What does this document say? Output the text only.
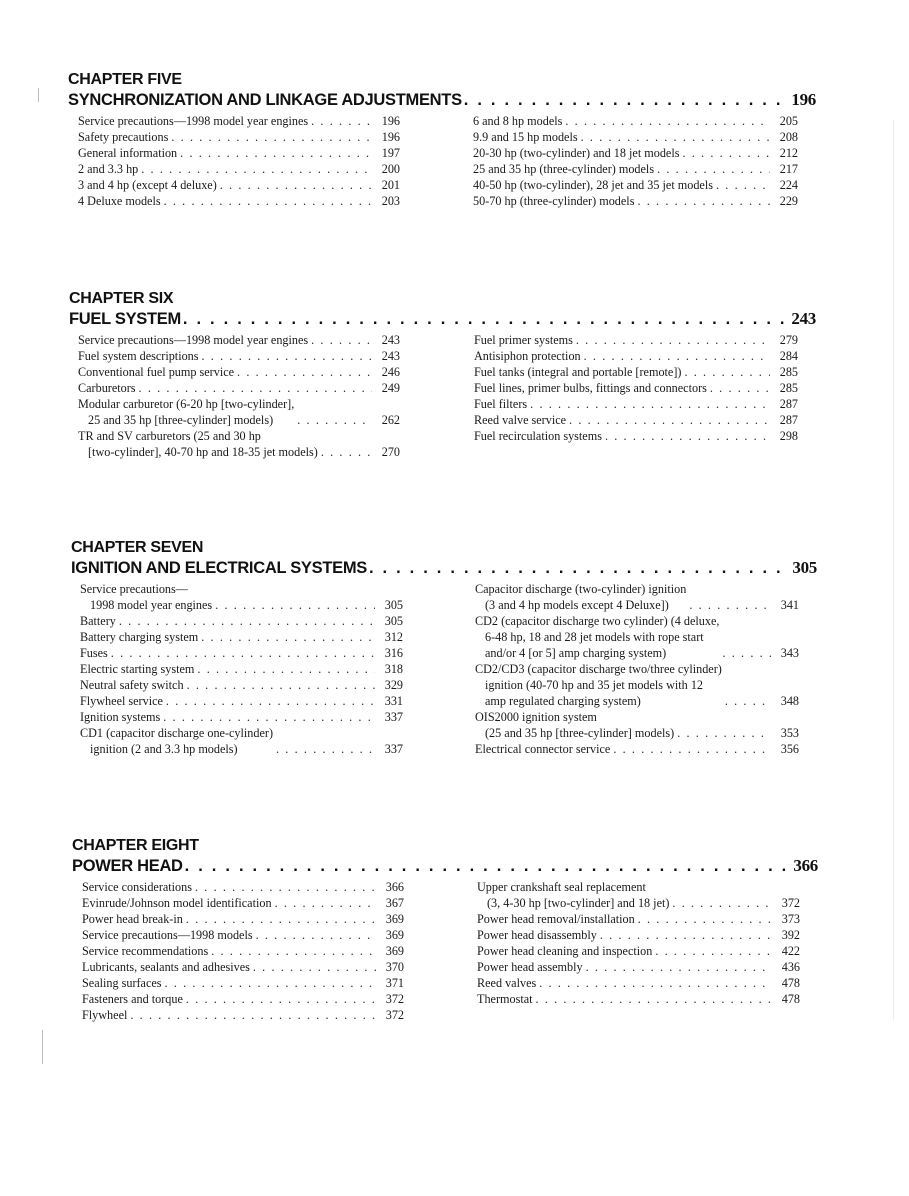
CHAPTER FIVE
SYNCHRONIZATION AND LINKAGE ADJUSTMENTS . . .	196
Service precautions—1998 model year engines . . .	196
Safety precautions . . .	196
General information . . .	197
2 and 3.3 hp . . .	200
3 and 4 hp (except 4 deluxe) . . .	201
4 Deluxe models . . .	203
6 and 8 hp models . . .	205
9.9 and 15 hp models . . .	208
20-30 hp (two-cylinder) and 18 jet models . . .	212
25 and 35 hp (three-cylinder) models . . .	217
40-50 hp (two-cylinder), 28 jet and 35 jet models . . .	224
50-70 hp (three-cylinder) models . . .	229
CHAPTER SIX
FUEL SYSTEM . . .	243
Service precautions—1998 model year engines . . .	243
Fuel system descriptions . . .	243
Conventional fuel pump service . . .	246
Carburetors . . .	249
Modular carburetor (6-20 hp [two-cylinder],
25 and 35 hp [three-cylinder] models) . . .	262
TR and SV carburetors (25 and 30 hp
[two-cylinder], 40-70 hp and 18-35 jet models) . . .	270
Fuel primer systems . . .	279
Antisiphon protection . . .	284
Fuel tanks (integral and portable [remote]) . . .	285
Fuel lines, primer bulbs, fittings and connectors . . .	285
Fuel filters . . .	287
Reed valve service . . .	287
Fuel recirculation systems . . .	298
CHAPTER SEVEN
IGNITION AND ELECTRICAL SYSTEMS . . .	305
Service precautions—
1998 model year engines . . .	305
Battery . . .	305
Battery charging system . . .	312
Fuses . . .	316
Electric starting system . . .	318
Neutral safety switch . . .	329
Flywheel service . . .	331
Ignition systems . . .	337
CD1 (capacitor discharge one-cylinder)
ignition (2 and 3.3 hp models) . . .	337
Capacitor discharge (two-cylinder) ignition
(3 and 4 hp models except 4 Deluxe]) . . .	341
CD2 (capacitor discharge two cylinder) (4 deluxe,
6-48 hp, 18 and 28 jet models with rope start
and/or 4 [or 5] amp charging system) . . .	343
CD2/CD3 (capacitor discharge two/three cylinder)
ignition (40-70 hp and 35 jet models with 12
amp regulated charging system) . . .	348
OIS2000 ignition system
(25 and 35 hp [three-cylinder] models) . . .	353
Electrical connector service . . .	356
CHAPTER EIGHT
POWER HEAD . . .	366
Service considerations . . .	366
Evinrude/Johnson model identification . . .	367
Power head break-in . . .	369
Service precautions—1998 models . . .	369
Service recommendations . . .	369
Lubricants, sealants and adhesives . . .	370
Sealing surfaces . . .	371
Fasteners and torque . . .	372
Flywheel . . .	372
Upper crankshaft seal replacement
(3, 4-30 hp [two-cylinder] and 18 jet) . . .	372
Power head removal/installation . . .	373
Power head disassembly . . .	392
Power head cleaning and inspection . . .	422
Power head assembly . . .	436
Reed valves . . .	478
Thermostat . . .	478
